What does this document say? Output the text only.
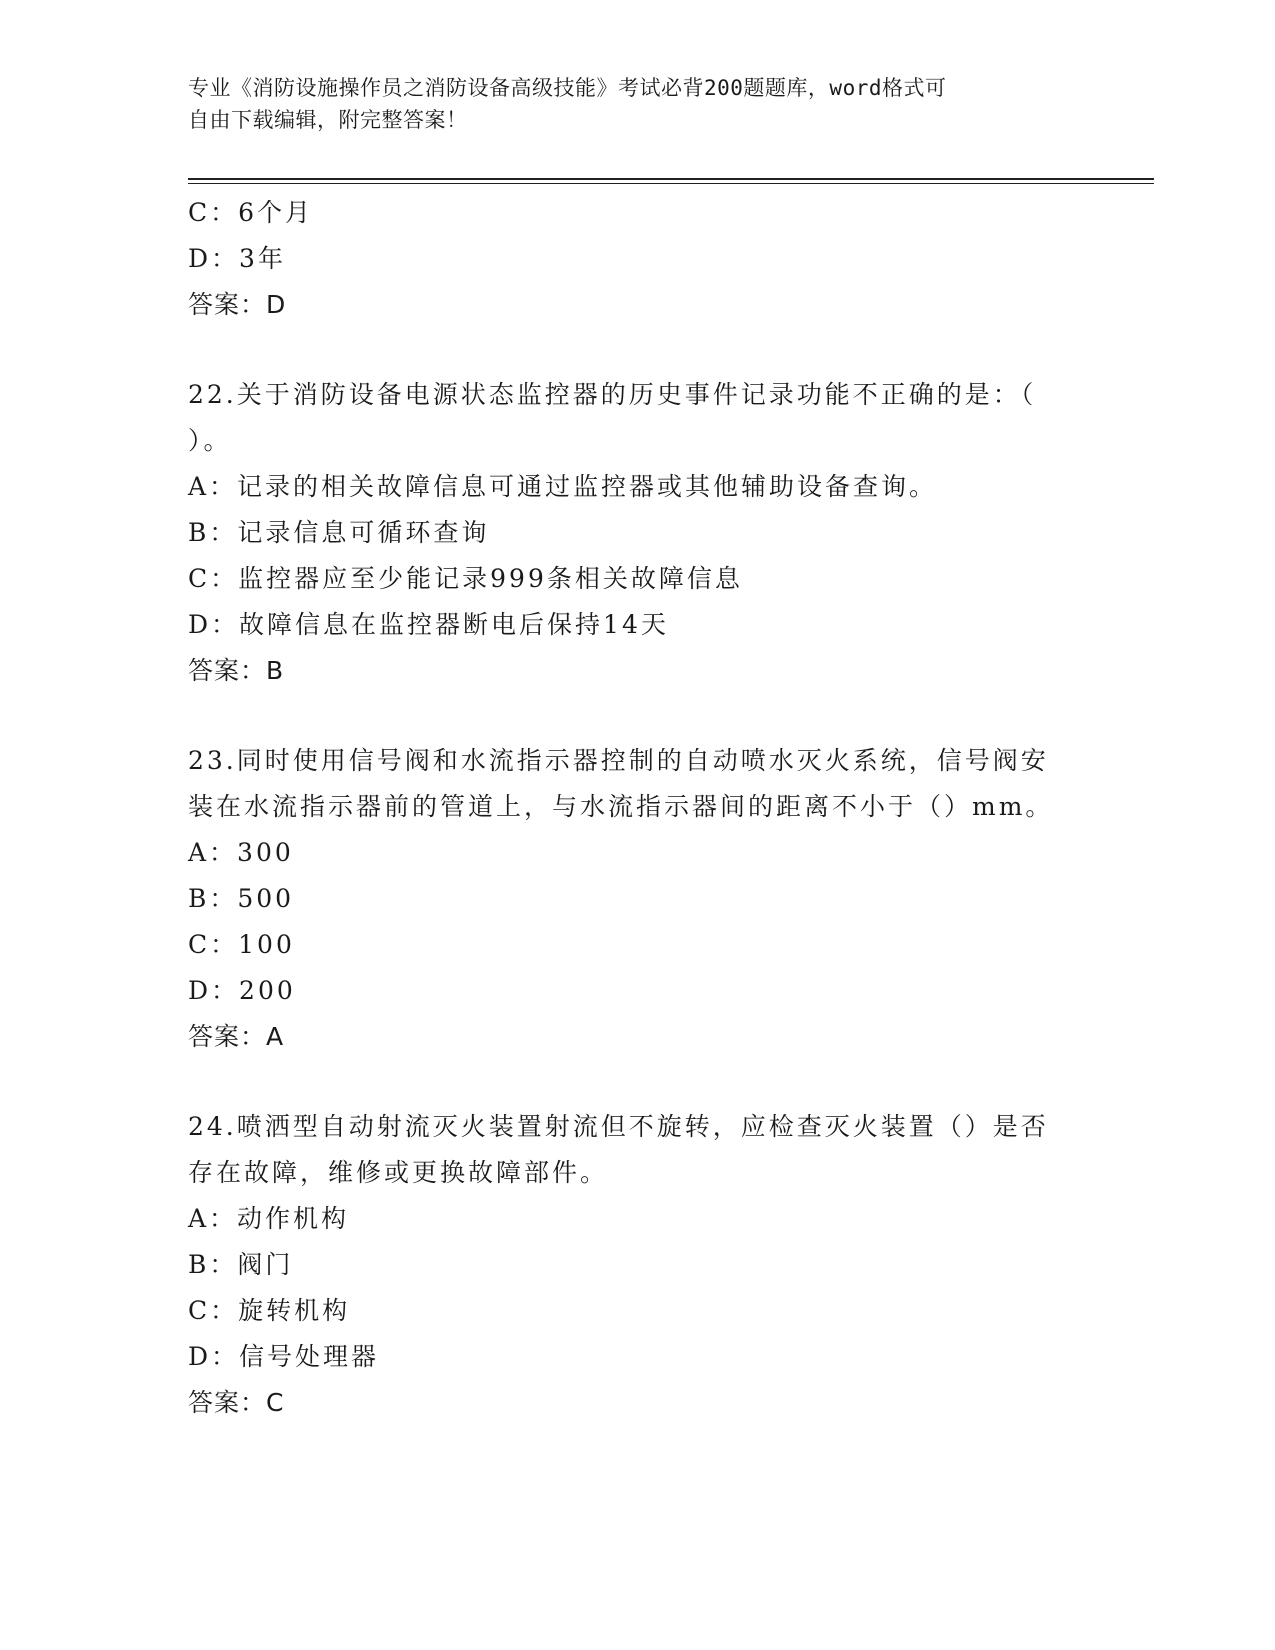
专业《消防设施操作员之消防设备高级技能》考试必背200题题库，word格式可
自由下载编辑，附完整答案！
C：6个月
D：3年
答案：D
22.关于消防设备电源状态监控器的历史事件记录功能不正确的是：（
）。
A：记录的相关故障信息可通过监控器或其他辅助设备查询。
B：记录信息可循环查询
C：监控器应至少能记录999条相关故障信息
D：故障信息在监控器断电后保持14天
答案：B
23.同时使用信号阀和水流指示器控制的自动喷水灭火系统，信号阀安
装在水流指示器前的管道上，与水流指示器间的距离不小于（）mm。
A：300
B：500
C：100
D：200
答案：A
24.喷洒型自动射流灭火装置射流但不旋转，应检查灭火装置（）是否
存在故障，维修或更换故障部件。
A：动作机构
B：阀门
C：旋转机构
D：信号处理器
答案：C
